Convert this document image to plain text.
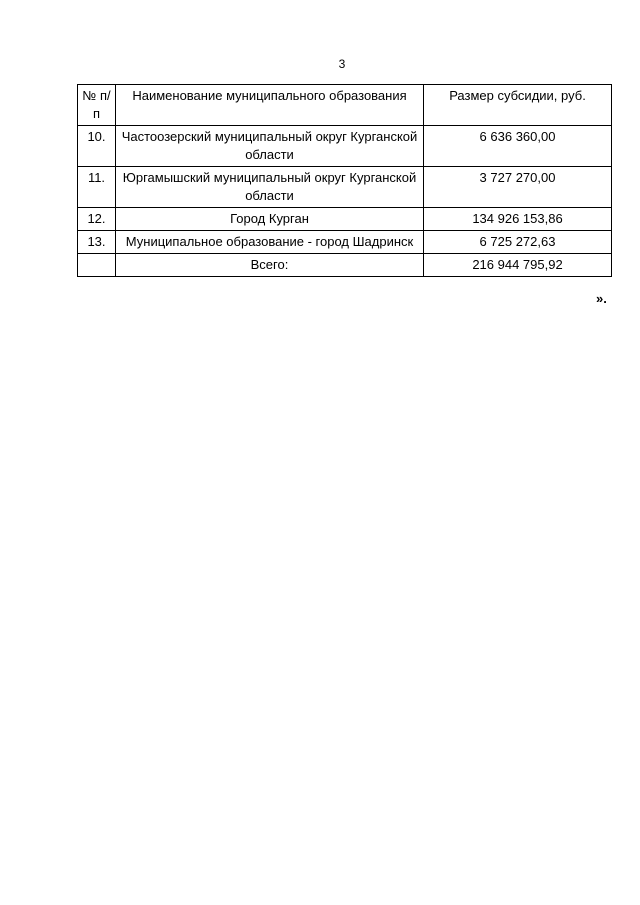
3
№ п/п	Наименование муниципального образования	Размер субсидии, руб.
10.	Частоозерский муниципальный округ Курганской области	6 636 360,00
11.	Юргамышский муниципальный округ Курганской области	3 727 270,00
12.	Город Курган	134 926 153,86
13.	Муниципальное образование - город Шадринск	6 725 272,63
	Всего:	216 944 795,92
».
